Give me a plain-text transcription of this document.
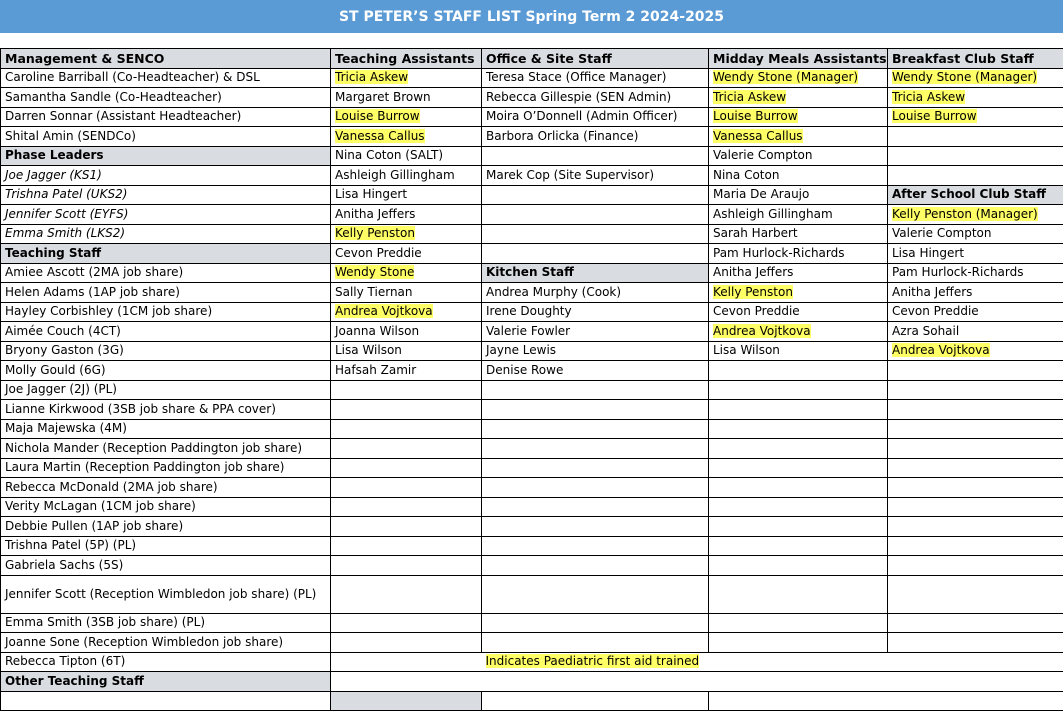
ST PETER’S STAFF LIST Spring Term 2 2024-2025
Management & SENCO	Teaching Assistants	Office & Site Staff	Midday Meals Assistants	Breakfast Club Staff
Caroline Barriball (Co-Headteacher) & DSL	Tricia Askew	Teresa Stace (Office Manager)	Wendy Stone (Manager)	Wendy Stone (Manager)
Samantha Sandle (Co-Headteacher)	Margaret Brown	Rebecca Gillespie (SEN Admin)	Tricia Askew	Tricia Askew
Darren Sonnar (Assistant Headteacher)	Louise Burrow	Moira O’Donnell (Admin Officer)	Louise Burrow	Louise Burrow
Shital Amin (SENDCo)	Vanessa Callus	Barbora Orlicka (Finance)	Vanessa Callus	
Phase Leaders	Nina Coton (SALT)		Valerie Compton	
Joe Jagger (KS1)	Ashleigh Gillingham	Marek Cop (Site Supervisor)	Nina Coton	
Trishna Patel (UKS2)	Lisa Hingert		Maria De Araujo	After School Club Staff
Jennifer Scott (EYFS)	Anitha Jeffers		Ashleigh Gillingham	Kelly Penston (Manager)
Emma Smith (LKS2)	Kelly Penston		Sarah Harbert	Valerie Compton
Teaching Staff	Cevon Preddie		Pam Hurlock-Richards	Lisa Hingert
Amiee Ascott (2MA job share)	Wendy Stone	Kitchen Staff	Anitha Jeffers	Pam Hurlock-Richards
Helen Adams (1AP job share)	Sally Tiernan	Andrea Murphy (Cook)	Kelly Penston	Anitha Jeffers
Hayley Corbishley (1CM job share)	Andrea Vojtkova	Irene Doughty	Cevon Preddie	Cevon Preddie
Aimée Couch (4CT)	Joanna Wilson	Valerie Fowler	Andrea Vojtkova	Azra Sohail
Bryony Gaston (3G)	Lisa Wilson	Jayne Lewis	Lisa Wilson	Andrea Vojtkova
Molly Gould (6G)	Hafsah Zamir	Denise Rowe		
Joe Jagger (2J) (PL)				
Lianne Kirkwood (3SB job share & PPA cover)				
Maja Majewska (4M)				
Nichola Mander (Reception Paddington job share)				
Laura Martin (Reception Paddington job share)				
Rebecca McDonald (2MA job share)				
Verity McLagan (1CM job share)				
Debbie Pullen (1AP job share)				
Trishna Patel (5P) (PL)				
Gabriela Sachs (5S)				
Jennifer Scott (Reception Wimbledon job share) (PL)				
Emma Smith (3SB job share) (PL)				
Joanne Sone (Reception Wimbledon job share)				
Rebecca Tipton (6T)		Indicates Paediatric first aid trained		
Other Teaching Staff				
